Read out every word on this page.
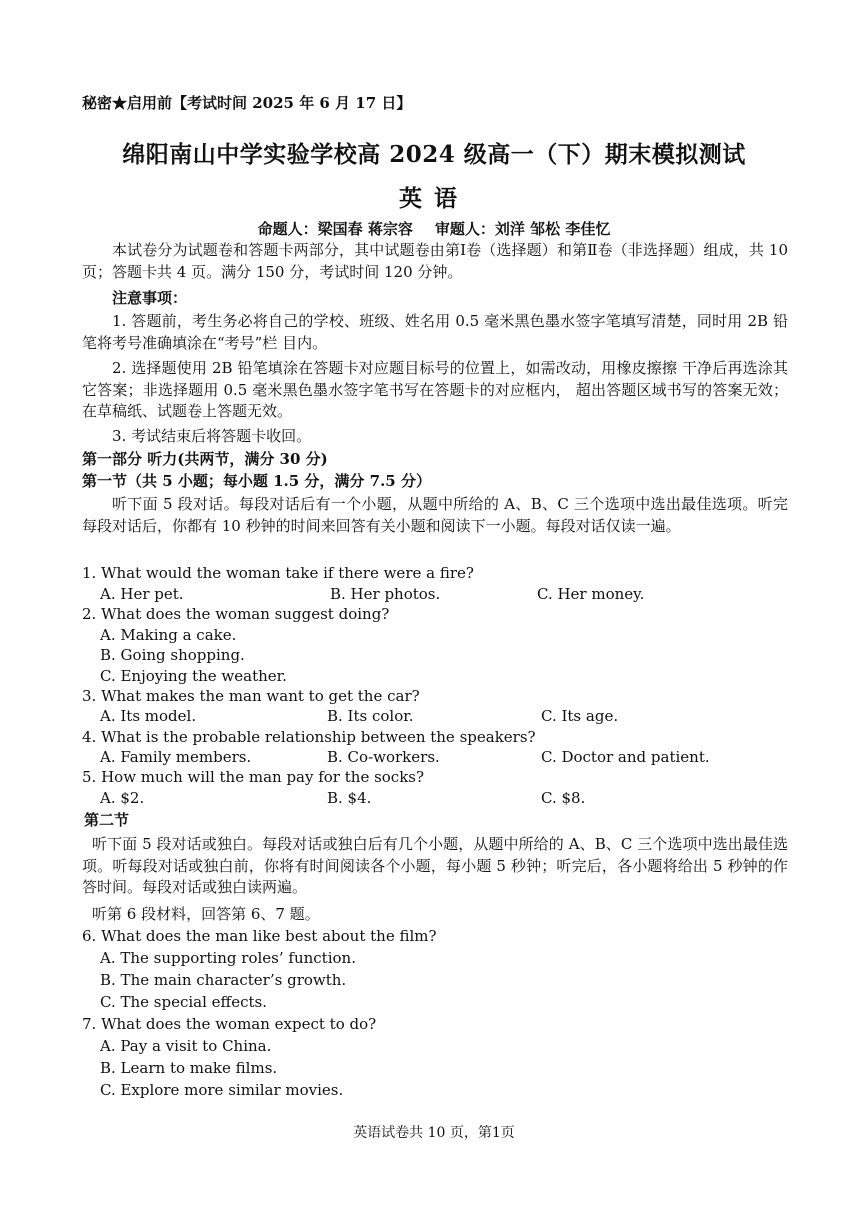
秘密★启用前【考试时间 2025 年 6 月 17 日】
绵阳南山中学实验学校高 2024 级高一（下）期末模拟测试
英语
命题人：梁国春 蒋宗容 审题人：刘洋 邹松 李佳忆
本试卷分为试题卷和答题卡两部分，其中试题卷由第Ⅰ卷（选择题）和第Ⅱ卷（非选择题）组成，共 10 页；答题卡共 4 页。满分 150 分，考试时间 120 分钟。
注意事项：
1. 答题前，考生务必将自己的学校、班级、姓名用 0.5 毫米黑色墨水签字笔填写清楚，同时用 2B 铅笔将考号准确填涂在“考号”栏 目内。
2. 选择题使用 2B 铅笔填涂在答题卡对应题目标号的位置上，如需改动，用橡皮擦擦 干净后再选涂其它答案；非选择题用 0.5 毫米黑色墨水签字笔书写在答题卡的对应框内， 超出答题区域书写的答案无效；在草稿纸、试题卷上答题无效。
3. 考试结束后将答题卡收回。
第一部分 听力(共两节，满分 30 分)
第一节（共 5 小题；每小题 1.5 分，满分 7.5 分）
听下面 5 段对话。每段对话后有一个小题，从题中所给的 A、B、C 三个选项中选出最佳选项。听完每段对话后，你都有 10 秒钟的时间来回答有关小题和阅读下一小题。每段对话仅读一遍。
1. What would the woman take if there were a fire?
A. Her pet.	B. Her photos.	C. Her money.
2. What does the woman suggest doing?
A. Making a cake.
B. Going shopping.
C. Enjoying the weather.
3. What makes the man want to get the car?
A. Its model.	B. Its color.	C. Its age.
4. What is the probable relationship between the speakers?
A. Family members.	B. Co-workers.	C. Doctor and patient.
5. How much will the man pay for the socks?
A. $2.	B. $4.	C. $8.
第二节
听下面 5 段对话或独白。每段对话或独白后有几个小题，从题中所给的 A、B、C 三个选项中选出最佳选项。听每段对话或独白前，你将有时间阅读各个小题，每小题 5 秒钟；听完后，各小题将给出 5 秒钟的作答时间。每段对话或独白读两遍。
听第 6 段材料，回答第 6、7 题。
6. What does the man like best about the film?
A. The supporting roles’ function.
B. The main character’s growth.
C. The special effects.
7. What does the woman expect to do?
A. Pay a visit to China.
B. Learn to make films.
C. Explore more similar movies.
英语试卷共 10 页，第1页
